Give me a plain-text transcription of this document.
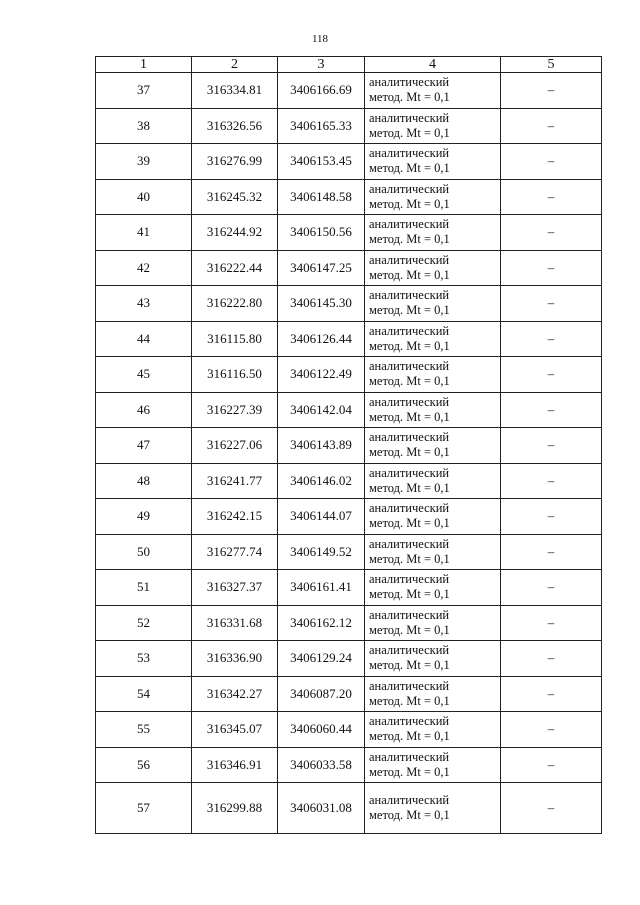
118
1	2	3	4	5
37	316334.81	3406166.69	аналитический
метод. Mt = 0,1	–
38	316326.56	3406165.33	аналитический
метод. Mt = 0,1	–
39	316276.99	3406153.45	аналитический
метод. Mt = 0,1	–
40	316245.32	3406148.58	аналитический
метод. Mt = 0,1	–
41	316244.92	3406150.56	аналитический
метод. Mt = 0,1	–
42	316222.44	3406147.25	аналитический
метод. Mt = 0,1	–
43	316222.80	3406145.30	аналитический
метод. Mt = 0,1	–
44	316115.80	3406126.44	аналитический
метод. Mt = 0,1	–
45	316116.50	3406122.49	аналитический
метод. Mt = 0,1	–
46	316227.39	3406142.04	аналитический
метод. Mt = 0,1	–
47	316227.06	3406143.89	аналитический
метод. Mt = 0,1	–
48	316241.77	3406146.02	аналитический
метод. Mt = 0,1	–
49	316242.15	3406144.07	аналитический
метод. Mt = 0,1	–
50	316277.74	3406149.52	аналитический
метод. Mt = 0,1	–
51	316327.37	3406161.41	аналитический
метод. Mt = 0,1	–
52	316331.68	3406162.12	аналитический
метод. Mt = 0,1	–
53	316336.90	3406129.24	аналитический
метод. Mt = 0,1	–
54	316342.27	3406087.20	аналитический
метод. Mt = 0,1	–
55	316345.07	3406060.44	аналитический
метод. Mt = 0,1	–
56	316346.91	3406033.58	аналитический
метод. Mt = 0,1	–
57	316299.88	3406031.08	аналитический
метод. Mt = 0,1	–
